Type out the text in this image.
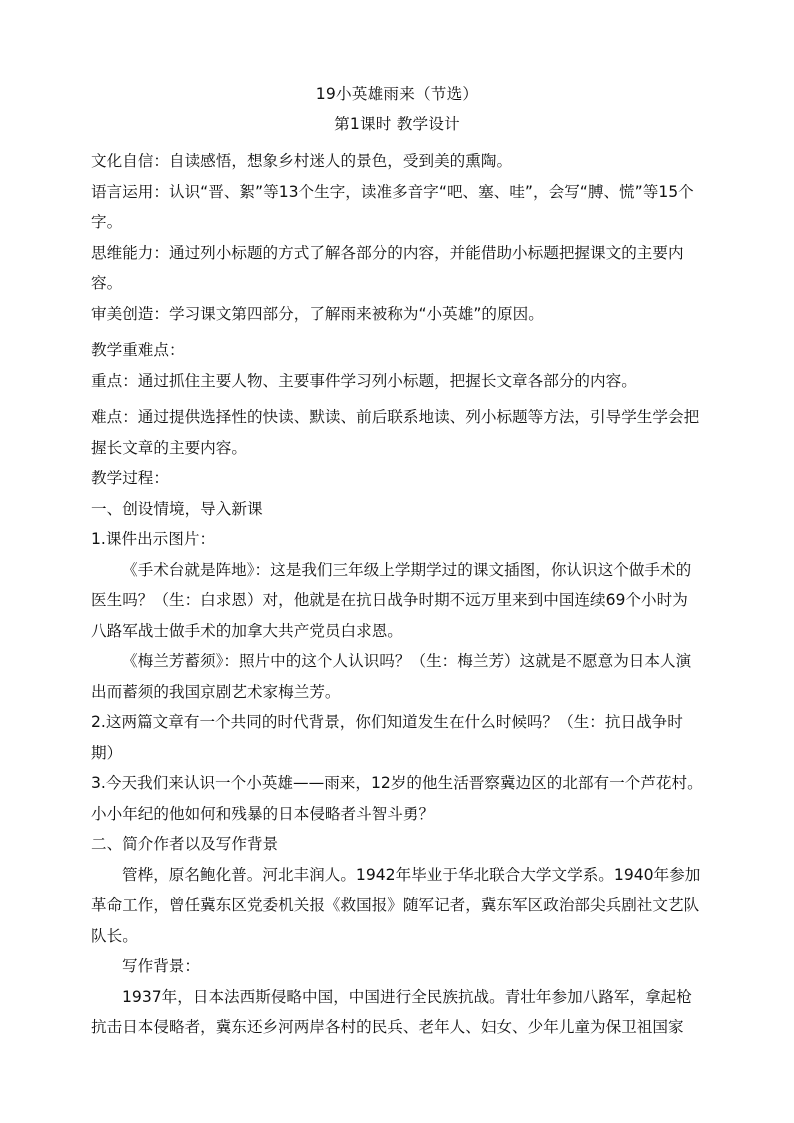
19小英雄雨来（节选）
第1课时 教学设计

文化自信：自读感悟，想象乡村迷人的景色，受到美的熏陶。

语言运用：认识“晋、絮”等13个生字，读准多音字“吧、塞、哇”，会写“膊、慌”等15个字。

思维能力：通过列小标题的方式了解各部分的内容，并能借助小标题把握课文的主要内容。

审美创造：学习课文第四部分，了解雨来被称为“小英雄”的原因。

教学重难点：

重点：通过抓住主要人物、主要事件学习列小标题，把握长文章各部分的内容。

难点：通过提供选择性的快读、默读、前后联系地读、列小标题等方法，引导学生学会把握长文章的主要内容。

教学过程：

一、创设情境，导入新课

1.课件出示图片：

《手术台就是阵地》：这是我们三年级上学期学过的课文插图，你认识这个做手术的医生吗？（生：白求恩）对，他就是在抗日战争时期不远万里来到中国连续69个小时为八路军战士做手术的加拿大共产党员白求恩。

《梅兰芳蓄须》：照片中的这个人认识吗？（生：梅兰芳）这就是不愿意为日本人演出而蓄须的我国京剧艺术家梅兰芳。

2.这两篇文章有一个共同的时代背景，你们知道发生在什么时候吗？（生：抗日战争时期）

3.今天我们来认识一个小英雄——雨来，12岁的他生活晋察冀边区的北部有一个芦花村。小小年纪的他如何和残暴的日本侵略者斗智斗勇？

二、简介作者以及写作背景

管桦，原名鲍化普。河北丰润人。1942年毕业于华北联合大学文学系。1940年参加革命工作，曾任冀东区党委机关报《救国报》随军记者，冀东军区政治部尖兵剧社文艺队队长。

写作背景：

1937年，日本法西斯侵略中国，中国进行全民族抗战。青壮年参加八路军，拿起枪抗击日本侵略者，冀东还乡河两岸各村的民兵、老年人、妇女、少年儿童为保卫祖国家
